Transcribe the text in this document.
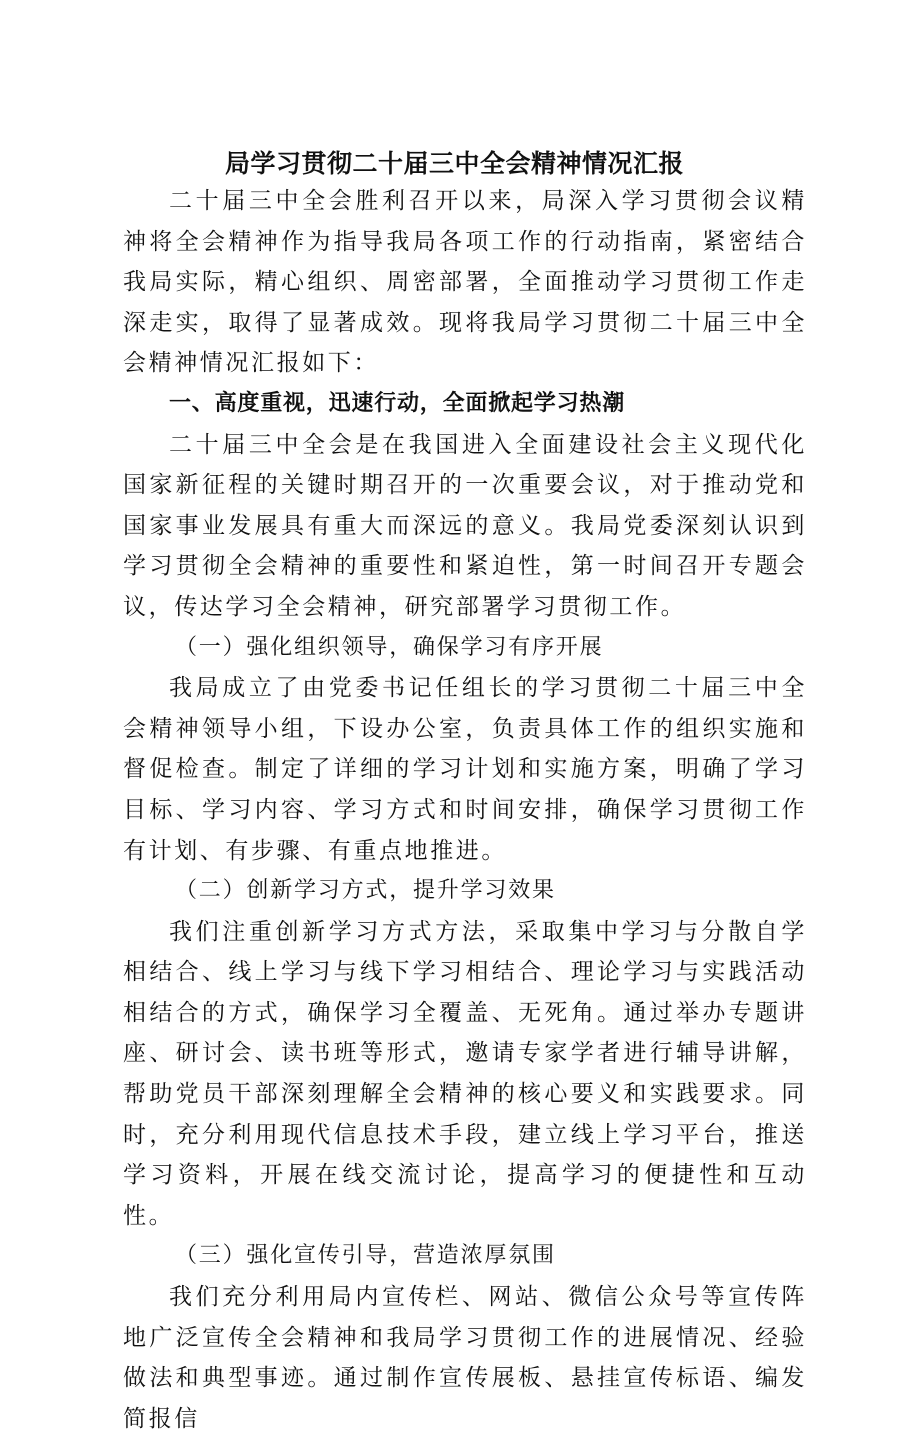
局学习贯彻二十届三中全会精神情况汇报

二十届三中全会胜利召开以来，局深入学习贯彻会议精神将全会精神作为指导我局各项工作的行动指南，紧密结合我局实际，精心组织、周密部署，全面推动学习贯彻工作走深走实，取得了显著成效。现将我局学习贯彻二十届三中全会精神情况汇报如下：

一、高度重视，迅速行动，全面掀起学习热潮

二十届三中全会是在我国进入全面建设社会主义现代化国家新征程的关键时期召开的一次重要会议，对于推动党和国家事业发展具有重大而深远的意义。我局党委深刻认识到学习贯彻全会精神的重要性和紧迫性，第一时间召开专题会议，传达学习全会精神，研究部署学习贯彻工作。

（一）强化组织领导，确保学习有序开展

我局成立了由党委书记任组长的学习贯彻二十届三中全会精神领导小组，下设办公室，负责具体工作的组织实施和督促检查。制定了详细的学习计划和实施方案，明确了学习目标、学习内容、学习方式和时间安排，确保学习贯彻工作有计划、有步骤、有重点地推进。

（二）创新学习方式，提升学习效果

我们注重创新学习方式方法，采取集中学习与分散自学相结合、线上学习与线下学习相结合、理论学习与实践活动相结合的方式，确保学习全覆盖、无死角。通过举办专题讲座、研讨会、读书班等形式，邀请专家学者进行辅导讲解，帮助党员干部深刻理解全会精神的核心要义和实践要求。同时，充分利用现代信息技术手段，建立线上学习平台，推送学习资料，开展在线交流讨论，提高学习的便捷性和互动性。

（三）强化宣传引导，营造浓厚氛围

我们充分利用局内宣传栏、网站、微信公众号等宣传阵地广泛宣传全会精神和我局学习贯彻工作的进展情况、经验做法和典型事迹。通过制作宣传展板、悬挂宣传标语、编发简报信
